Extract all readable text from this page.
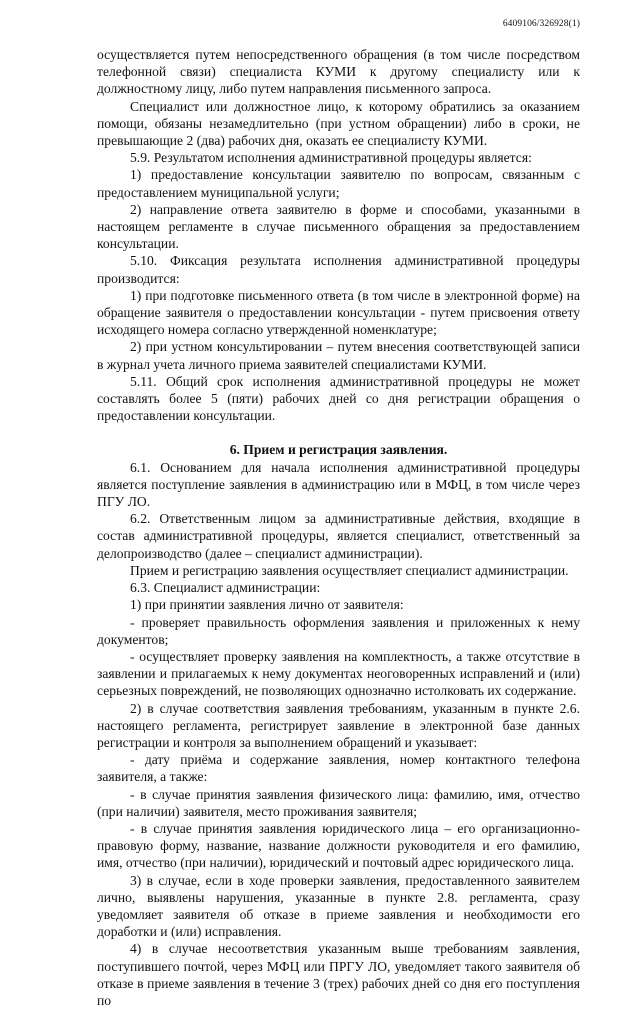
6409106/326928(1)

осуществляется путем непосредственного обращения (в том числе посредством телефонной связи) специалиста КУМИ к другому специалисту или к должностному лицу, либо путем направления письменного запроса.

Специалист или должностное лицо, к которому обратились за оказанием помощи, обязаны незамедлительно (при устном обращении) либо в сроки, не превышающие 2 (два) рабочих дня, оказать ее специалисту КУМИ.

5.9. Результатом исполнения административной процедуры является:

1) предоставление консультации заявителю по вопросам, связанным с предоставлением муниципальной услуги;

2) направление ответа заявителю в форме и способами, указанными в настоящем регламенте в случае письменного обращения за предоставлением консультации.

5.10. Фиксация результата исполнения административной процедуры производится:

1) при подготовке письменного ответа (в том числе в электронной форме) на обращение заявителя о предоставлении консультации - путем присвоения ответу исходящего номера согласно утвержденной номенклатуре;

2) при устном консультировании – путем внесения соответствующей записи в журнал учета личного приема заявителей специалистами КУМИ.

5.11. Общий срок исполнения административной процедуры не может составлять более 5 (пяти) рабочих дней со дня регистрации обращения о предоставлении консультации.

6. Прием и регистрация заявления.

6.1. Основанием для начала исполнения административной процедуры является поступление заявления в администрацию или в МФЦ, в том числе через ПГУ ЛО.

6.2. Ответственным лицом за административные действия, входящие в состав административной процедуры, является специалист, ответственный за делопроизводство (далее – специалист администрации).

Прием и регистрацию заявления осуществляет специалист администрации.

6.3. Специалист администрации:

1) при принятии заявления лично от заявителя:

- проверяет правильность оформления заявления и приложенных к нему документов;

- осуществляет проверку заявления на комплектность, а также отсутствие в заявлении и прилагаемых к нему документах неоговоренных исправлений и (или) серьезных повреждений, не позволяющих однозначно истолковать их содержание.

2) в случае соответствия заявления требованиям, указанным в пункте 2.6. настоящего регламента, регистрирует заявление в электронной базе данных регистрации и контроля за выполнением обращений и указывает:

- дату приёма и содержание заявления, номер контактного телефона заявителя, а также:

- в случае принятия заявления физического лица: фамилию, имя, отчество (при наличии) заявителя, место проживания заявителя;

- в случае принятия заявления юридического лица – его организационно-правовую форму, название, название должности руководителя и его фамилию, имя, отчество (при наличии), юридический и почтовый адрес юридического лица.

3) в случае, если в ходе проверки заявления, предоставленного заявителем лично, выявлены нарушения, указанные в пункте 2.8. регламента, сразу уведомляет заявителя об отказе в приеме заявления и необходимости его доработки и (или) исправления.

4) в случае несоответствия указанным выше требованиям заявления, поступившего почтой, через МФЦ или ПРГУ ЛО, уведомляет такого заявителя об отказе в приеме заявления в течение 3 (трех) рабочих дней со дня его поступления по
